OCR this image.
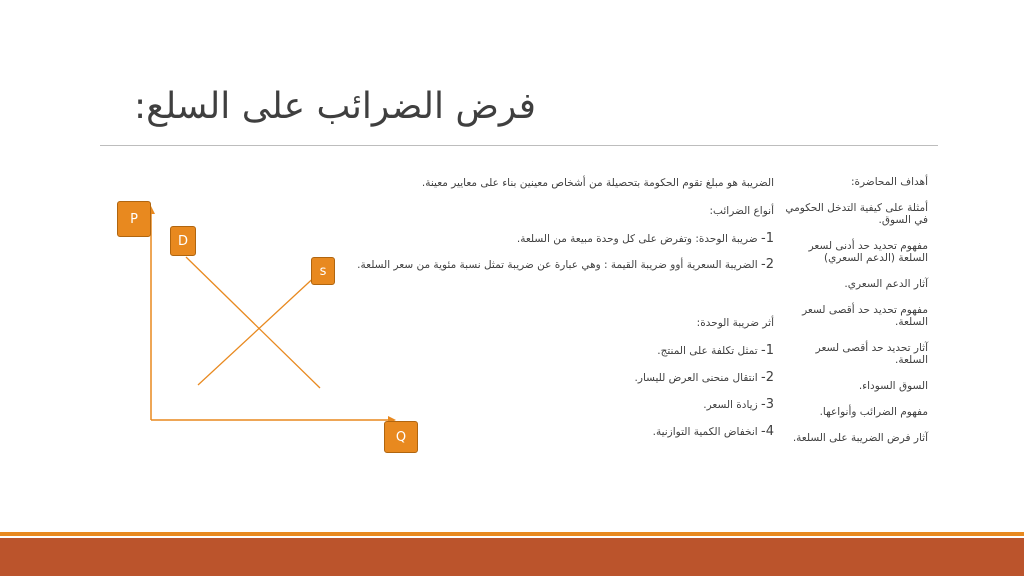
فرض الضرائب على السلع:
أهداف المحاضرة:
أمثلة على كيفية التدخل الحكومي في السوق.
مفهوم تحديد حد أدنى لسعر السلعة (الدعم السعري)
آثار الدعم السعري.
مفهوم تحديد حد أقصى لسعر السلعة.
آثار تحديد حد أقصى لسعر السلعة.
السوق السوداء.
مفهوم الضرائب وأنواعها.
آثار فرض الضريبة على السلعة.

الضريبة هو مبلغ تقوم الحكومة بتحصيلة من أشخاص معينين بناء على معايير معينة.

أنواع الضرائب:

1- ضريبة الوحدة: وتفرض على كل وحدة مبيعة من السلعة.

2- الضريبة السعرية أوو ضريبة القيمة : وهي عبارة عن ضريبة تمثل نسبة مئوية من سعر السلعة.

أثر ضريبة الوحدة:

1- تمثل تكلفة على المنتج.

2- انتقال منحنى العرض لليسار.

3- زيادة السعر.

4- انخفاض الكمية التوازنية.

P
D
s
Q
